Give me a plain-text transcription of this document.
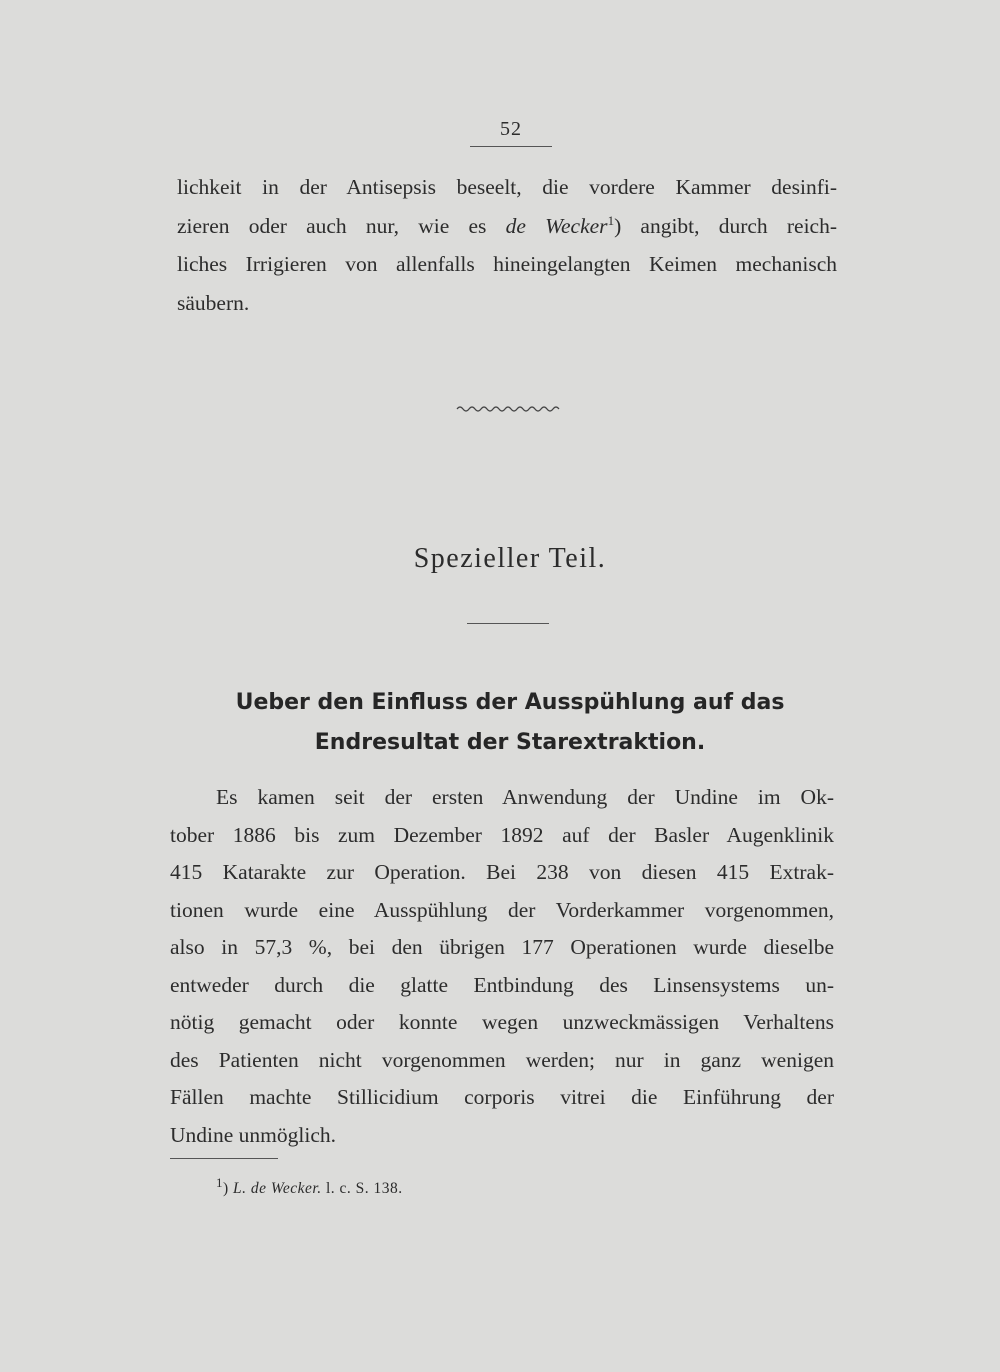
52
lichkeit in der Antisepsis beseelt, die vordere Kammer desinfi-
zieren oder auch nur, wie es de Wecker$^1$) angibt, durch reich-
liches Irrigieren von allenfalls hineingelangten Keimen mechanisch
säubern.
Spezieller Teil.
Ueber den Einfluss der Ausspühlung auf das
Endresultat der Starextraktion.
Es kamen seit der ersten Anwendung der Undine im Ok-
tober 1886 bis zum Dezember 1892 auf der Basler Augenklinik
415 Katarakte zur Operation. Bei 238 von diesen 415 Extrak-
tionen wurde eine Ausspühlung der Vorderkammer vorgenommen,
also in 57,3 %, bei den übrigen 177 Operationen wurde dieselbe
entweder durch die glatte Entbindung des Linsensystems un-
nötig gemacht oder konnte wegen unzweckmässigen Verhaltens
des Patienten nicht vorgenommen werden; nur in ganz wenigen
Fällen machte Stillicidium corporis vitrei die Einführung der
Undine unmöglich.
$^1$) L. de Wecker. l. c. S. 138.
